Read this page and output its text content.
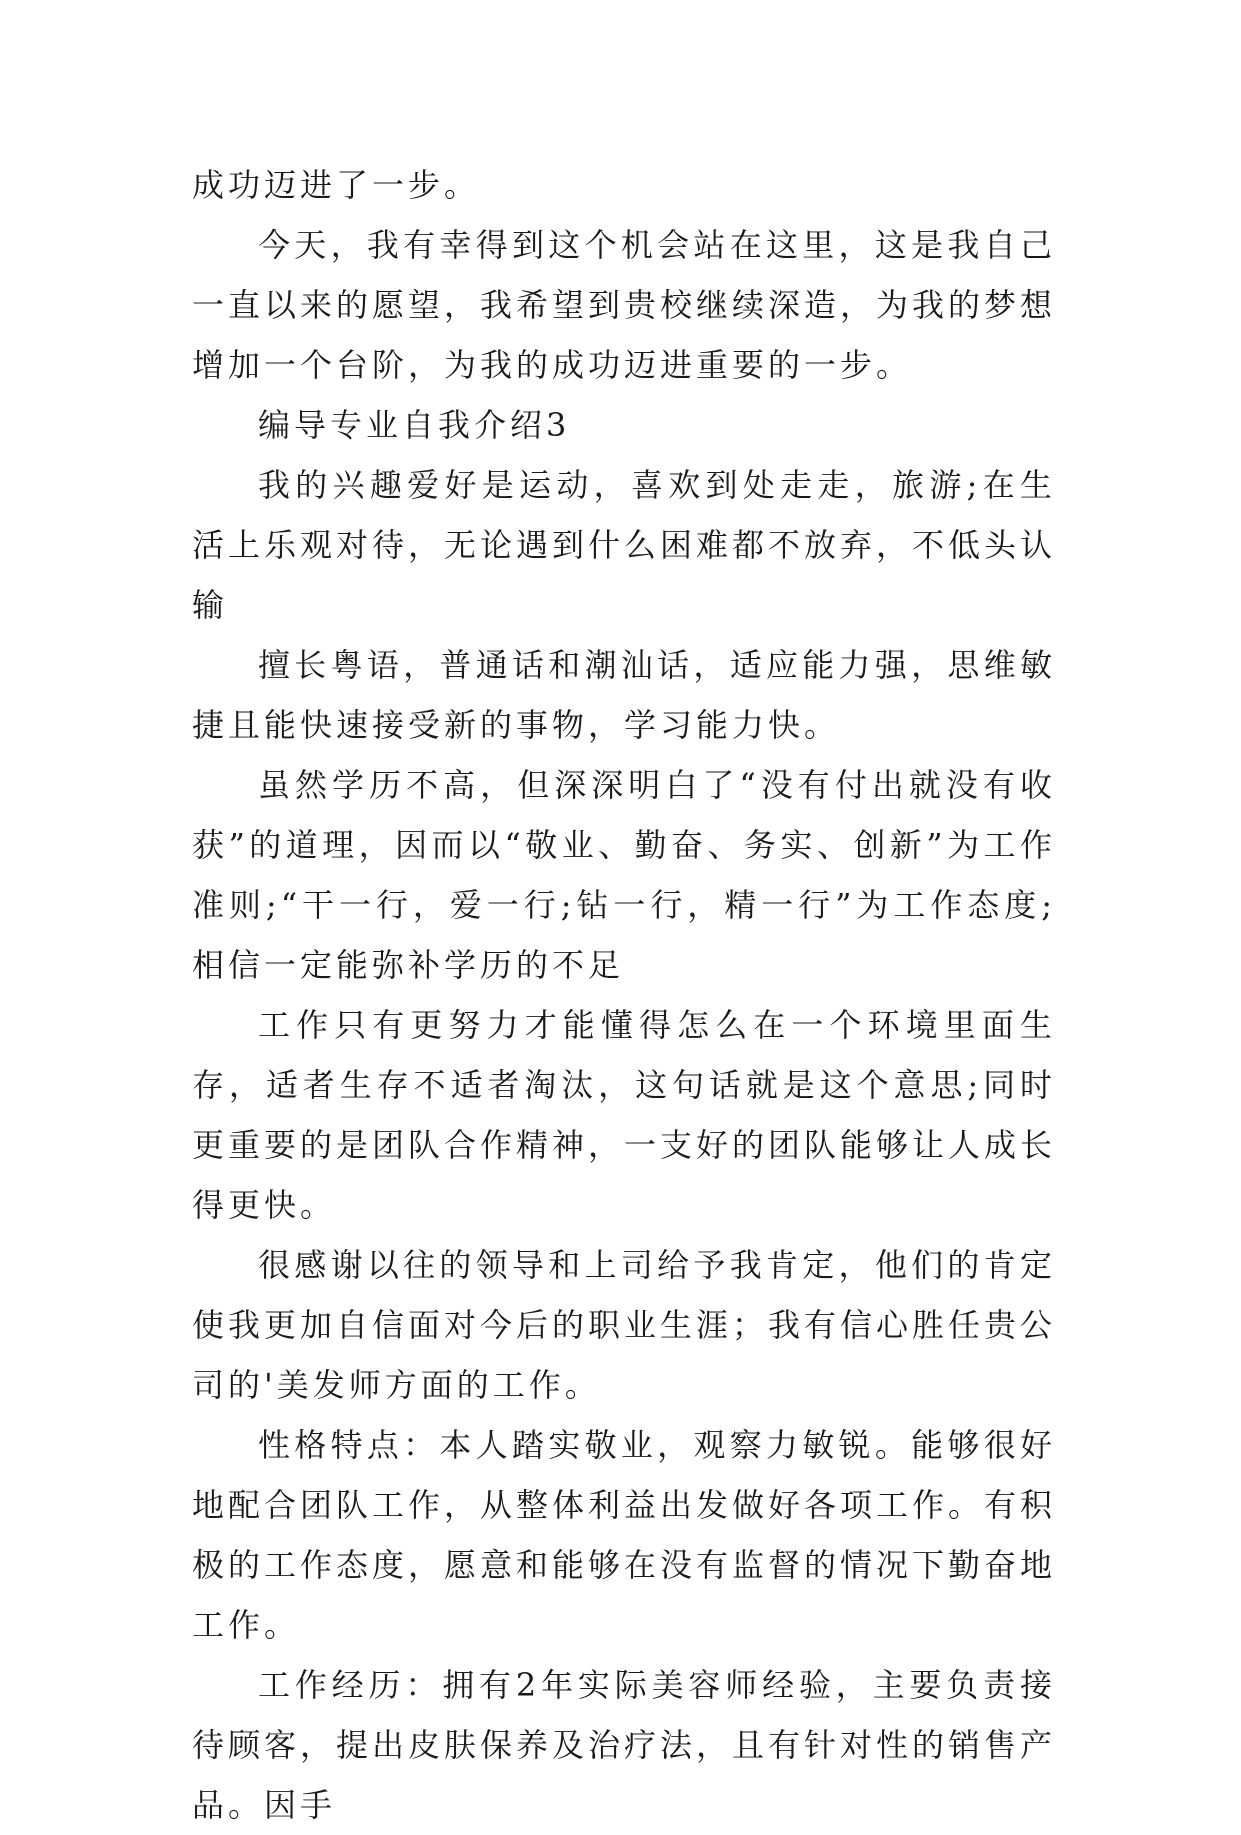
成功迈进了一步。

今天，我有幸得到这个机会站在这里，这是我自己一直以来的愿望，我希望到贵校继续深造，为我的梦想增加一个台阶，为我的成功迈进重要的一步。

编导专业自我介绍3

我的兴趣爱好是运动，喜欢到处走走，旅游;在生活上乐观对待，无论遇到什么困难都不放弃，不低头认输

擅长粤语，普通话和潮汕话，适应能力强，思维敏捷且能快速接受新的事物，学习能力快。

虽然学历不高，但深深明白了“没有付出就没有收获”的道理，因而以“敬业、勤奋、务实、创新”为工作准则;“干一行，爱一行;钻一行，精一行”为工作态度;相信一定能弥补学历的不足

工作只有更努力才能懂得怎么在一个环境里面生存，适者生存不适者淘汰，这句话就是这个意思;同时更重要的是团队合作精神，一支好的团队能够让人成长得更快。

很感谢以往的领导和上司给予我肯定，他们的肯定使我更加自信面对今后的职业生涯；我有信心胜任贵公司的'美发师方面的工作。

性格特点：本人踏实敬业，观察力敏锐。能够很好地配合团队工作，从整体利益出发做好各项工作。有积极的工作态度，愿意和能够在没有监督的情况下勤奋地工作。

工作经历：拥有2年实际美容师经验，主要负责接待顾客，提出皮肤保养及治疗法，且有针对性的销售产品。因手
